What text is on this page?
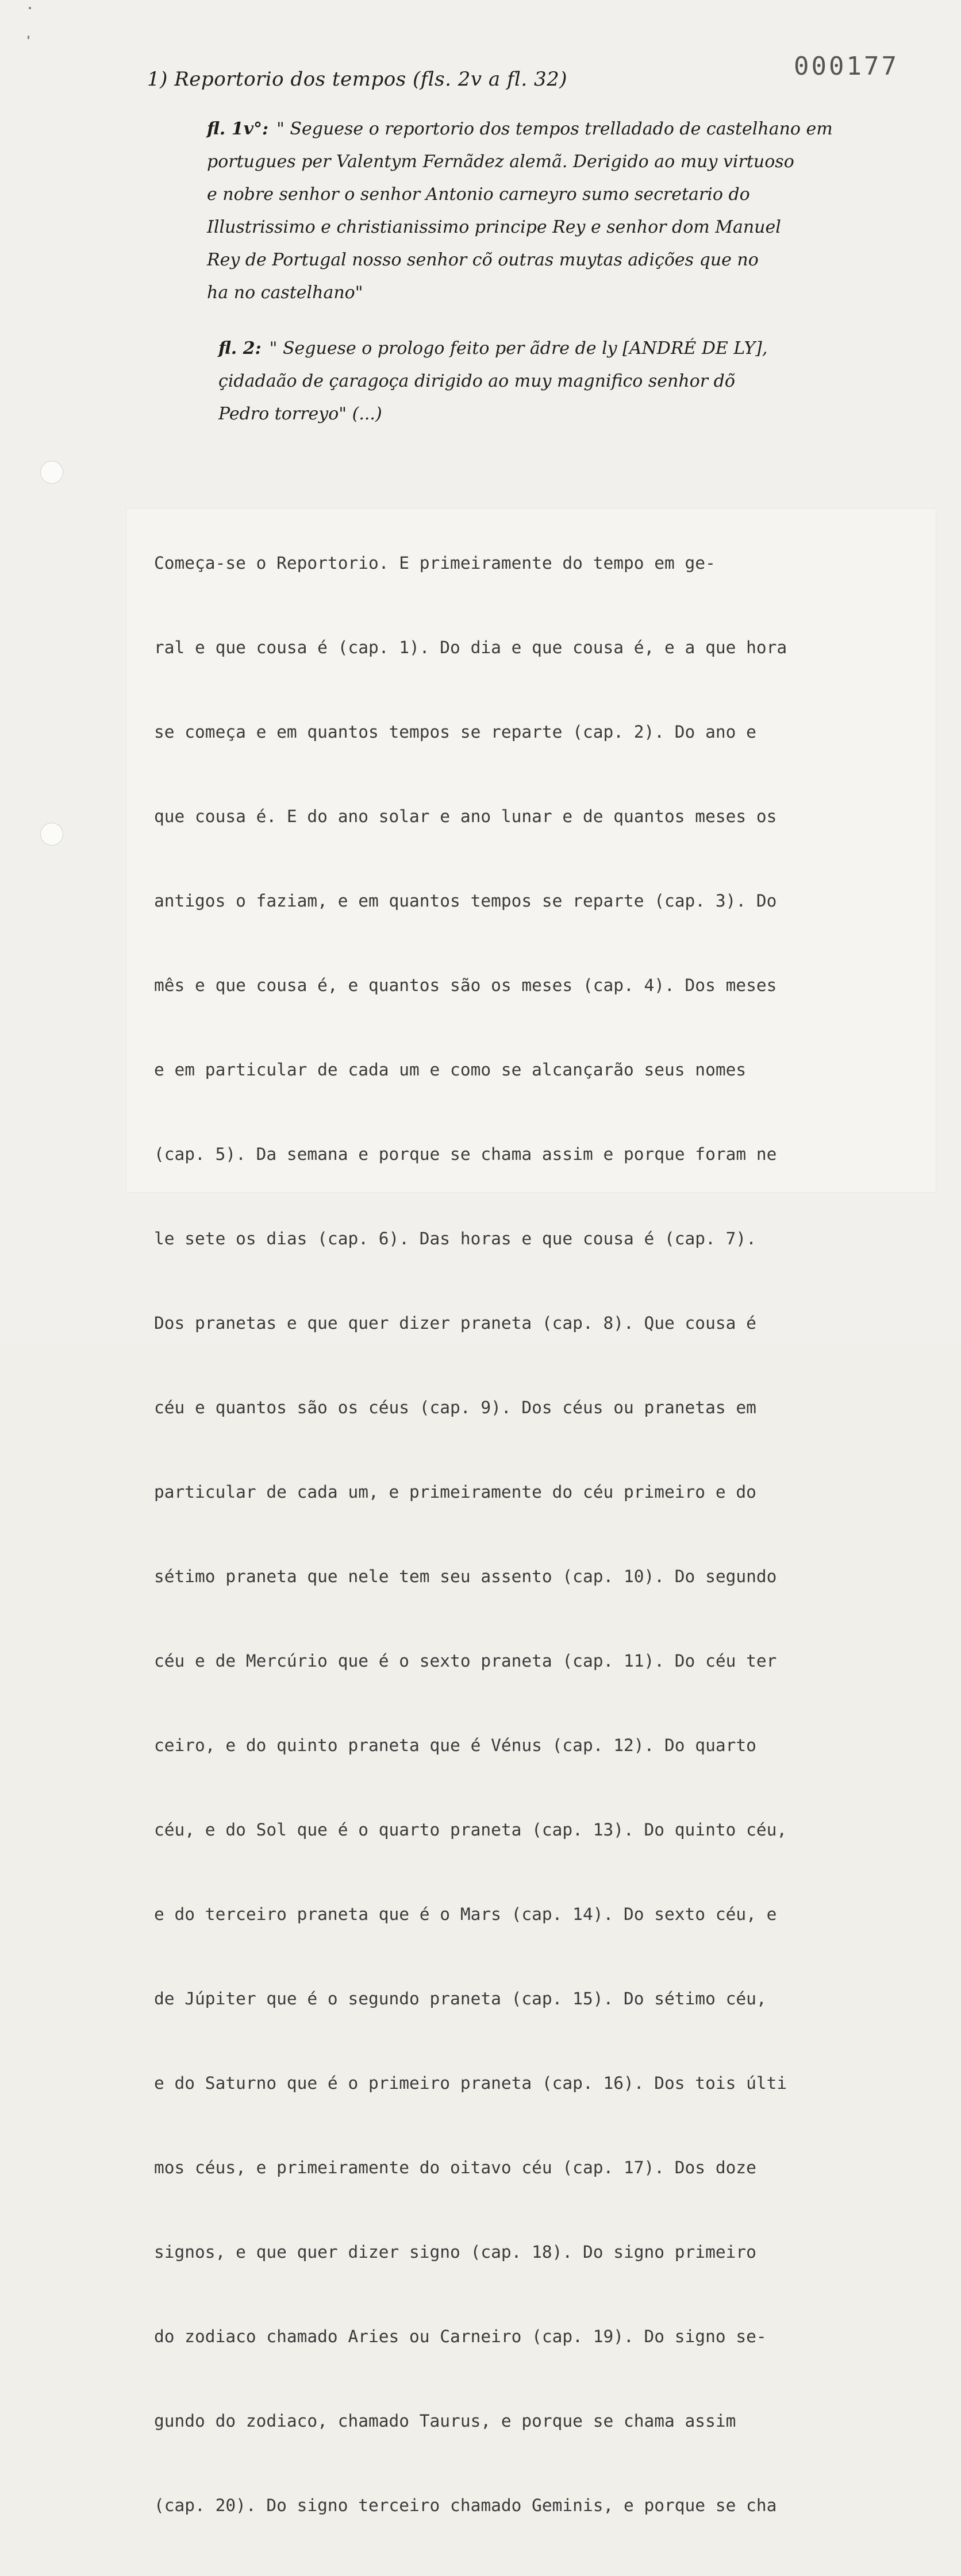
000177
1) Reportorio dos tempos (fls. 2v a fl. 32)
fl. 1v°: " Seguese o reportorio dos tempos trelladado de castelhano em
portugues per Valentym Fernãdez alemã. Derigido ao muy virtuoso
e nobre senhor o senhor Antonio carneyro sumo secretario do
Illustrissimo e christianissimo principe Rey e senhor dom Manuel
Rey de Portugal nosso senhor cõ outras muytas adições que no
ha no castelhano"
fl. 2: " Seguese o prologo feito per ãdre de ly [ANDRÉ DE LY],
çidadaão de çaragoça dirigido ao muy magnifico senhor dõ
Pedro torreyo" (...)

Começa-se o Reportorio. E primeiramente do tempo em ge-

ral e que cousa é (cap. 1). Do dia e que cousa é, e a que hora

se começa e em quantos tempos se reparte (cap. 2). Do ano e

que cousa é. E do ano solar e ano lunar e de quantos meses os

antigos o faziam, e em quantos tempos se reparte (cap. 3). Do

mês e que cousa é, e quantos são os meses (cap. 4). Dos meses

e em particular de cada um e como se alcançarão seus nomes

(cap. 5). Da semana e porque se chama assim e porque foram ne

le sete os dias (cap. 6). Das horas e que cousa é (cap. 7).

Dos pranetas e que quer dizer praneta (cap. 8). Que cousa é

céu e quantos são os céus (cap. 9). Dos céus ou pranetas em

particular de cada um, e primeiramente do céu primeiro e do

sétimo praneta que nele tem seu assento (cap. 10). Do segundo

céu e de Mercúrio que é o sexto praneta (cap. 11). Do céu ter

ceiro, e do quinto praneta que é Vénus (cap. 12). Do quarto

céu, e do Sol que é o quarto praneta (cap. 13). Do quinto céu,

e do terceiro praneta que é o Mars (cap. 14). Do sexto céu, e

de Júpiter que é o segundo praneta (cap. 15). Do sétimo céu,

e do Saturno que é o primeiro praneta (cap. 16). Dos tois últi

mos céus, e primeiramente do oitavo céu (cap. 17). Dos doze

signos, e que quer dizer signo (cap. 18). Do signo primeiro

do zodiaco chamado Aries ou Carneiro (cap. 19). Do signo se-

gundo do zodiaco, chamado Taurus, e porque se chama assim

(cap. 20). Do signo terceiro chamado Geminis, e porque se cha
